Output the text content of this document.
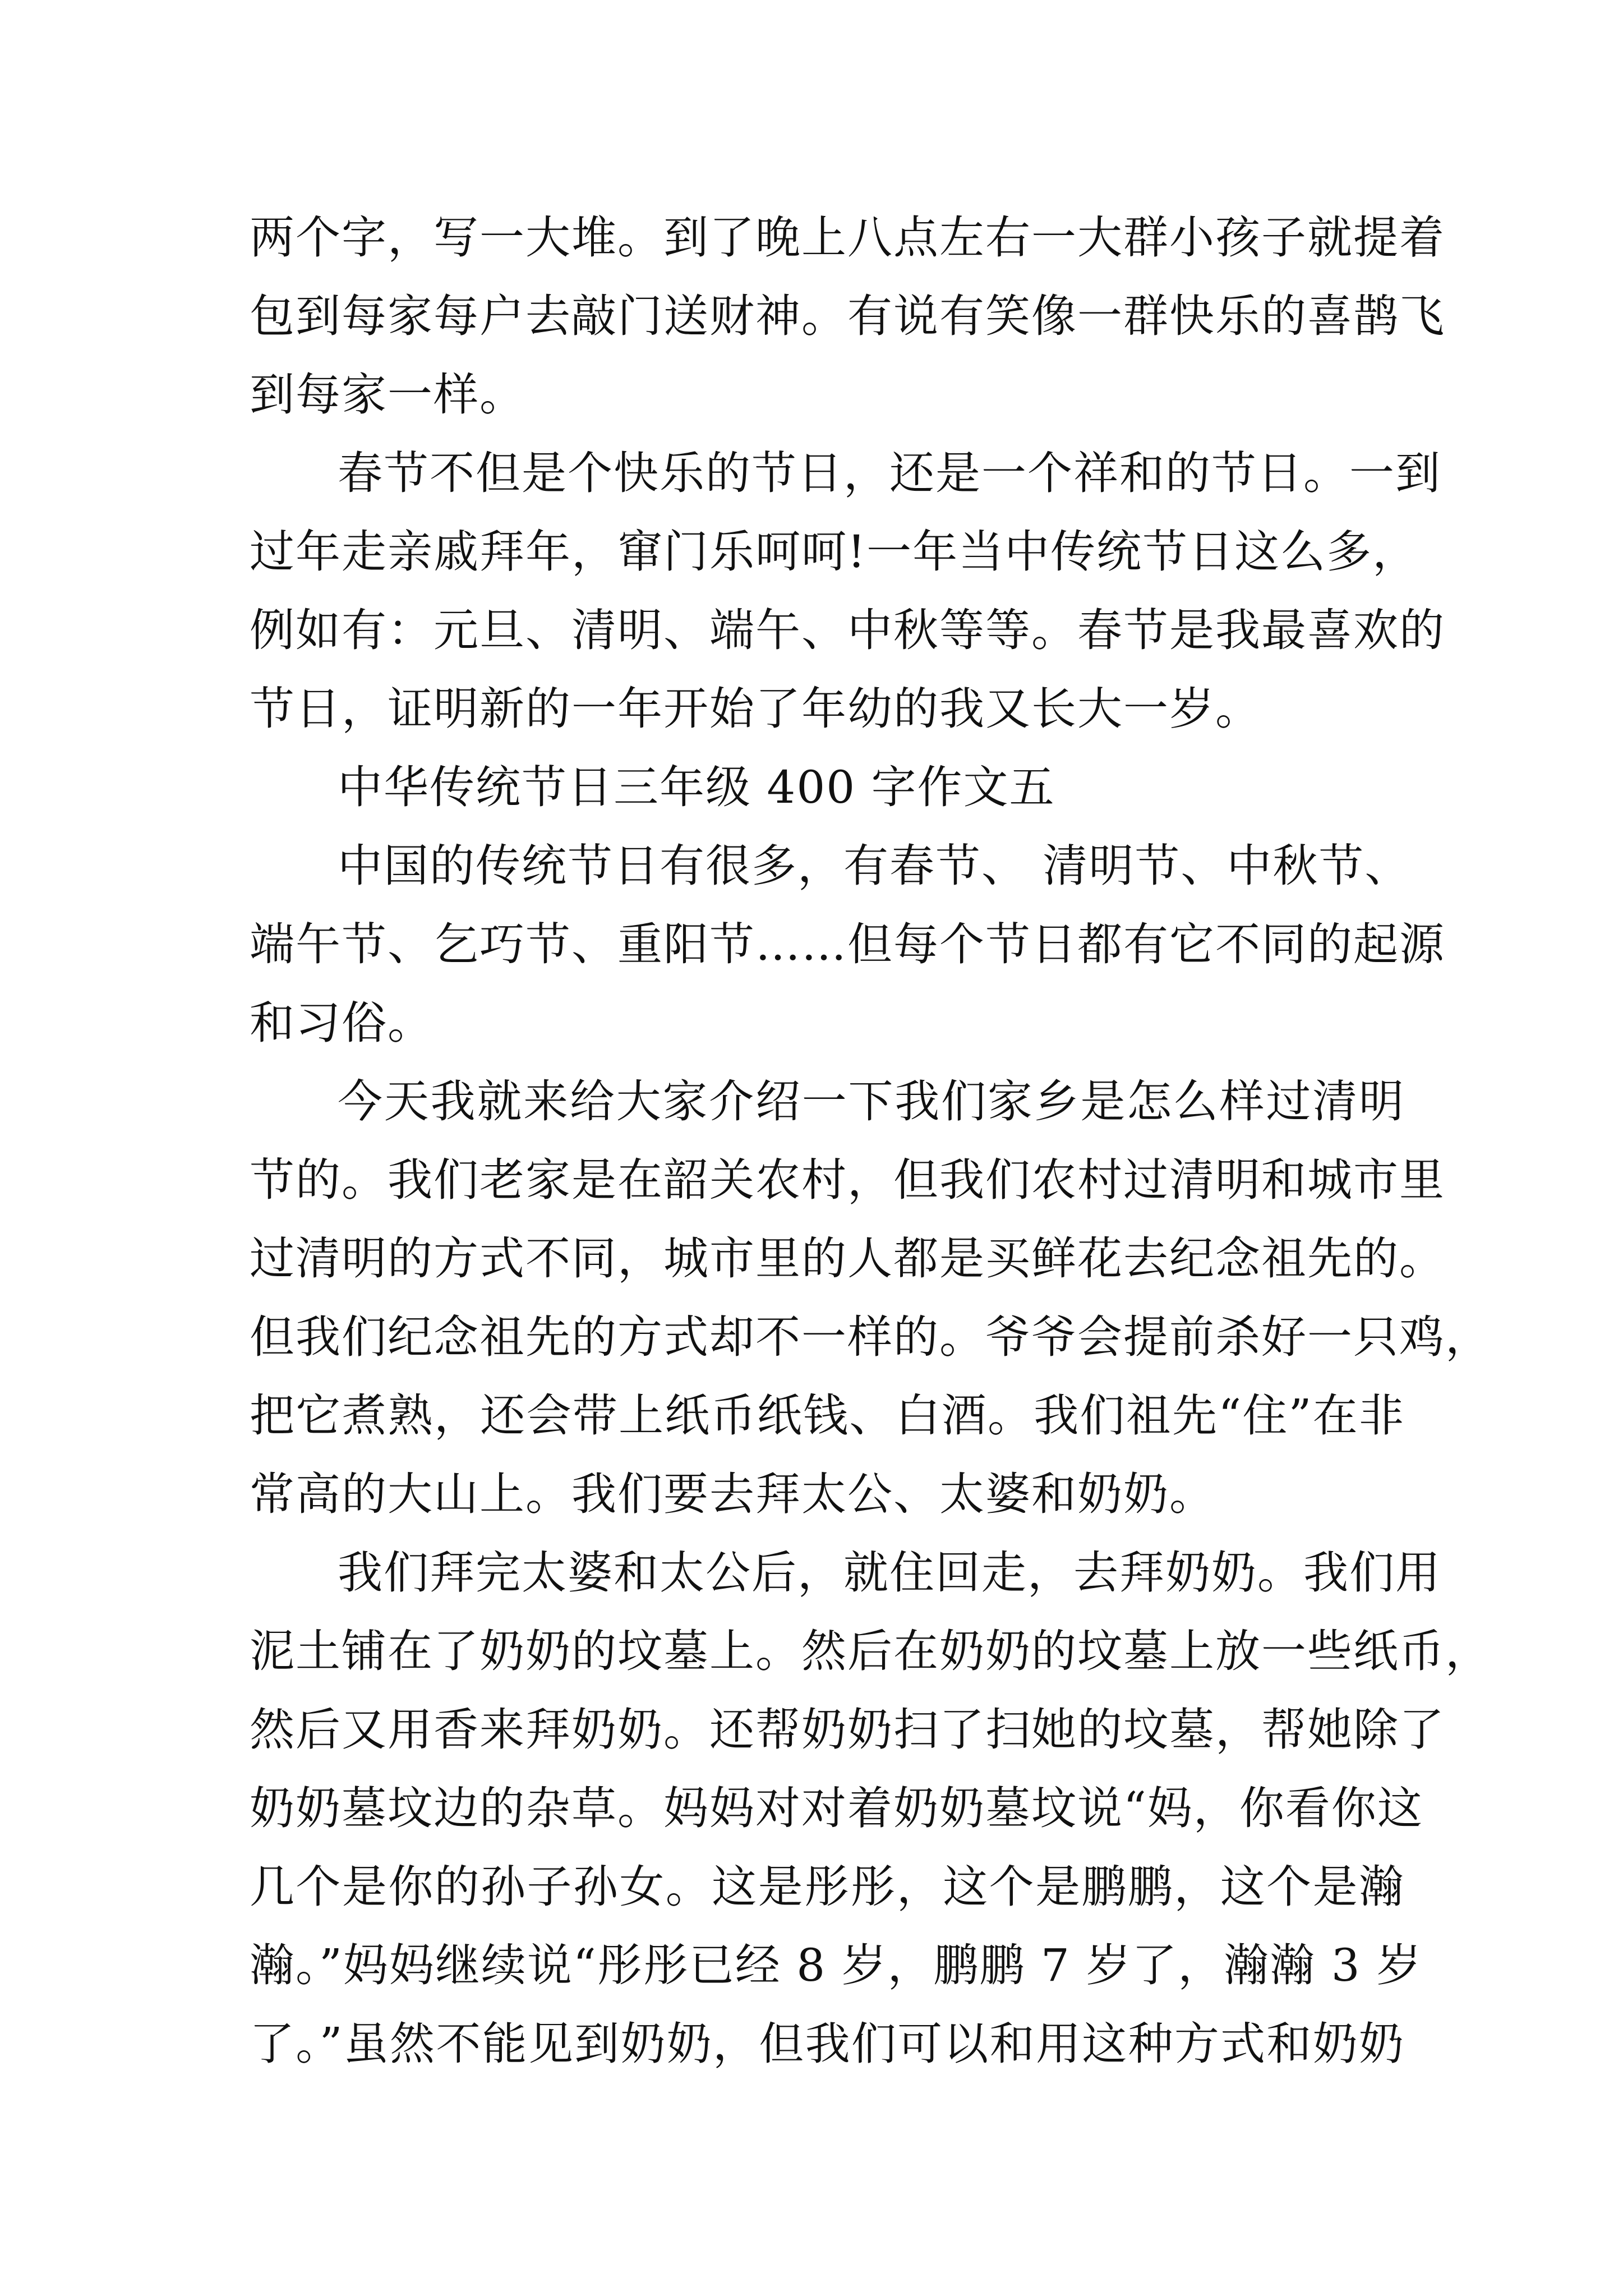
两个字，写一大堆。到了晚上八点左右一大群小孩子就提着
包到每家每户去敲门送财神。有说有笑像一群快乐的喜鹊飞
到每家一样。
春节不但是个快乐的节日，还是一个祥和的节日。一到
过年走亲戚拜年，窜门乐呵呵!一年当中传统节日这么多，
例如有：元旦、清明、端午、中秋等等。春节是我最喜欢的
节日，证明新的一年开始了年幼的我又长大一岁。
中华传统节日三年级 400 字作文五
中国的传统节日有很多，有春节、 清明节、中秋节、
端午节、乞巧节、重阳节……但每个节日都有它不同的起源
和习俗。
今天我就来给大家介绍一下我们家乡是怎么样过清明
节的。我们老家是在韶关农村，但我们农村过清明和城市里
过清明的方式不同，城市里的人都是买鲜花去纪念祖先的。
但我们纪念祖先的方式却不一样的。爷爷会提前杀好一只鸡，
把它煮熟，还会带上纸币纸钱、白酒。我们祖先“住”在非
常高的大山上。我们要去拜太公、太婆和奶奶。
我们拜完太婆和太公后，就住回走，去拜奶奶。我们用
泥土铺在了奶奶的坟墓上。然后在奶奶的坟墓上放一些纸币，
然后又用香来拜奶奶。还帮奶奶扫了扫她的坟墓，帮她除了
奶奶墓坟边的杂草。妈妈对对着奶奶墓坟说“妈，你看你这
几个是你的孙子孙女。这是彤彤，这个是鹏鹏，这个是瀚
瀚。”妈妈继续说“彤彤已经 8 岁，鹏鹏 7 岁了，瀚瀚 3 岁
了。”虽然不能见到奶奶，但我们可以和用这种方式和奶奶
